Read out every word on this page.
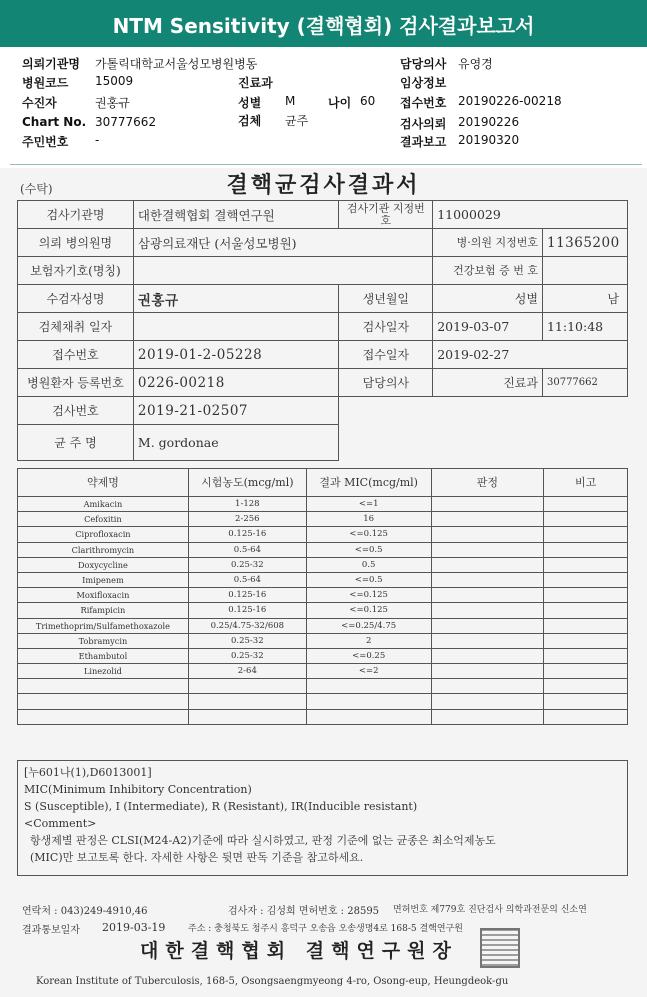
NTM Sensitivity (결핵협회) 검사결과보고서
의뢰기관명 가톨릭대학교서울성모병원병동	담당의사 유영경
병원코드 15009	진료과	임상정보
수진자	권홍규	성별 M	나이 60 접수번호 20190226-00218
Chart No. 30777662	검체 균주	검사의뢰 20190226
주민번호 -	결과보고 20190320
(수탁)	결핵균검사결과서
검사기관명	대한결핵협회 결핵연구원	검사기관 지정번호	11000029	
의뢰 병의원명	삼광의료재단 (서울성모병원)		병·의원 지정번호	11365200
보험자기호(명칭)			건강보험 증 번 호	
수검자성명	권홍규	생년월일	성별	남
검체채취 일자		검사일자	2019-03-07	11:10:48
접수번호	2019-01-2-05228	접수일자	2019-02-27	
병원환자 등록번호	0226-00218	담당의사	진료과	30777662
검사번호	2019-21-02507			
균 주 명	M. gordonae			
약제명	시험농도(mcg/ml)	결과 MIC(mcg/ml)	판정	비고
Amikacin	1-128	<=1		
Cefoxitin	2-256	16		
Ciprofloxacin	0.125-16	<=0.125		
Clarithromycin	0.5-64	<=0.5		
Doxycycline	0.25-32	0.5		
Imipenem	0.5-64	<=0.5		
Moxifloxacin	0.125-16	<=0.125		
Rifampicin	0.125-16	<=0.125		
Trimethoprim/Sulfamethoxazole	0.25/4.75-32/608	<=0.25/4.75		
Tobramycin	0.25-32	2		
Ethambutol	0.25-32	<=0.25		
Linezolid	2-64	<=2		

[누601나(1),D6013001]
MIC(Minimum Inhibitory Concentration)
S (Susceptible), I (Intermediate), R (Resistant), IR(Inducible resistant)
<Comment>
항생제별 판정은 CLSI(M24-A2)기준에 따라 실시하였고, 판정 기준에 없는 균종은 최소억제농도
(MIC)만 보고토록 한다. 자세한 사항은 뒷면 판독 기준을 참고하세요.
연락처 : 043)249-4910,46	검사자 : 김성희 면허번호 : 28595 면허번호 제779호 진단검사 의학과전문의 신소연
결과통보일자 2019-03-19	주소 : 충청북도 청주시 흥덕구 오송읍 오송생명4로 168-5 결핵연구원
대한결핵협회 결핵연구원장
Korean Institute of Tuberculosis, 168-5, Osongsaengmyeong 4-ro, Osong-eup, Heungdeok-gu
